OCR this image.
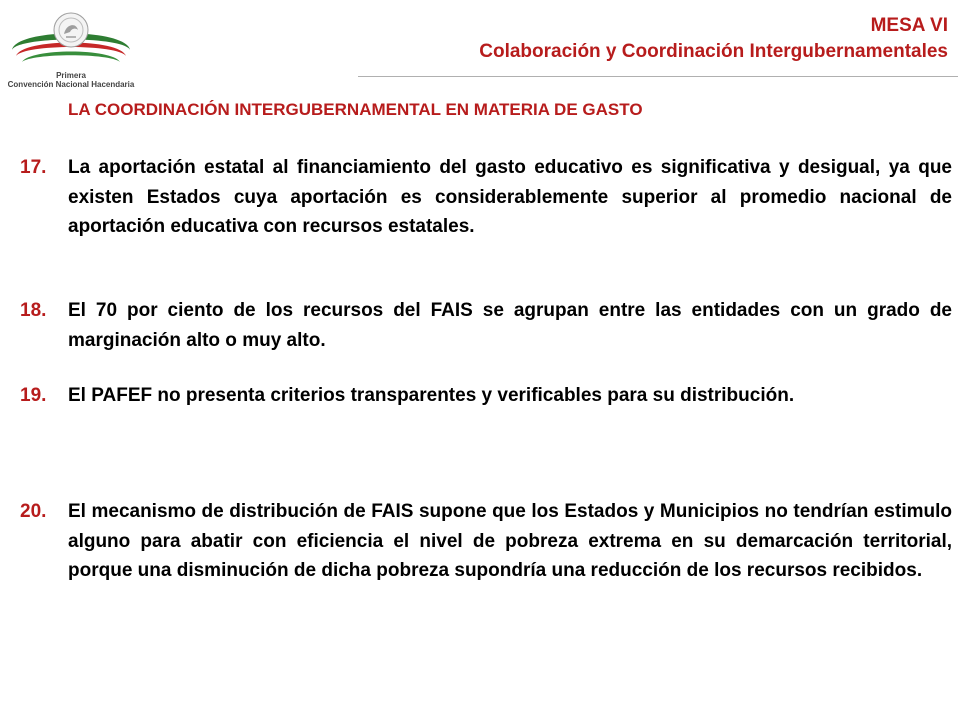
Primera
Convención Nacional Hacendaria
MESA VI
Colaboración y Coordinación Intergubernamentales
LA COORDINACIÓN INTERGUBERNAMENTAL EN MATERIA DE GASTO
17. La aportación estatal al financiamiento del gasto educativo es significativa y desigual, ya que existen Estados cuya aportación es considerablemente superior al promedio nacional de aportación educativa con recursos estatales.
18. El 70 por ciento de los recursos del FAIS se agrupan entre las entidades con un grado de marginación alto o muy alto.
19. El PAFEF no presenta criterios transparentes y verificables para su distribución.
20. El mecanismo de distribución de FAIS supone que los Estados y Municipios no tendrían estimulo alguno para abatir con eficiencia el nivel de pobreza extrema en su demarcación territorial, porque una disminución de dicha pobreza supondría una reducción de los recursos recibidos.
